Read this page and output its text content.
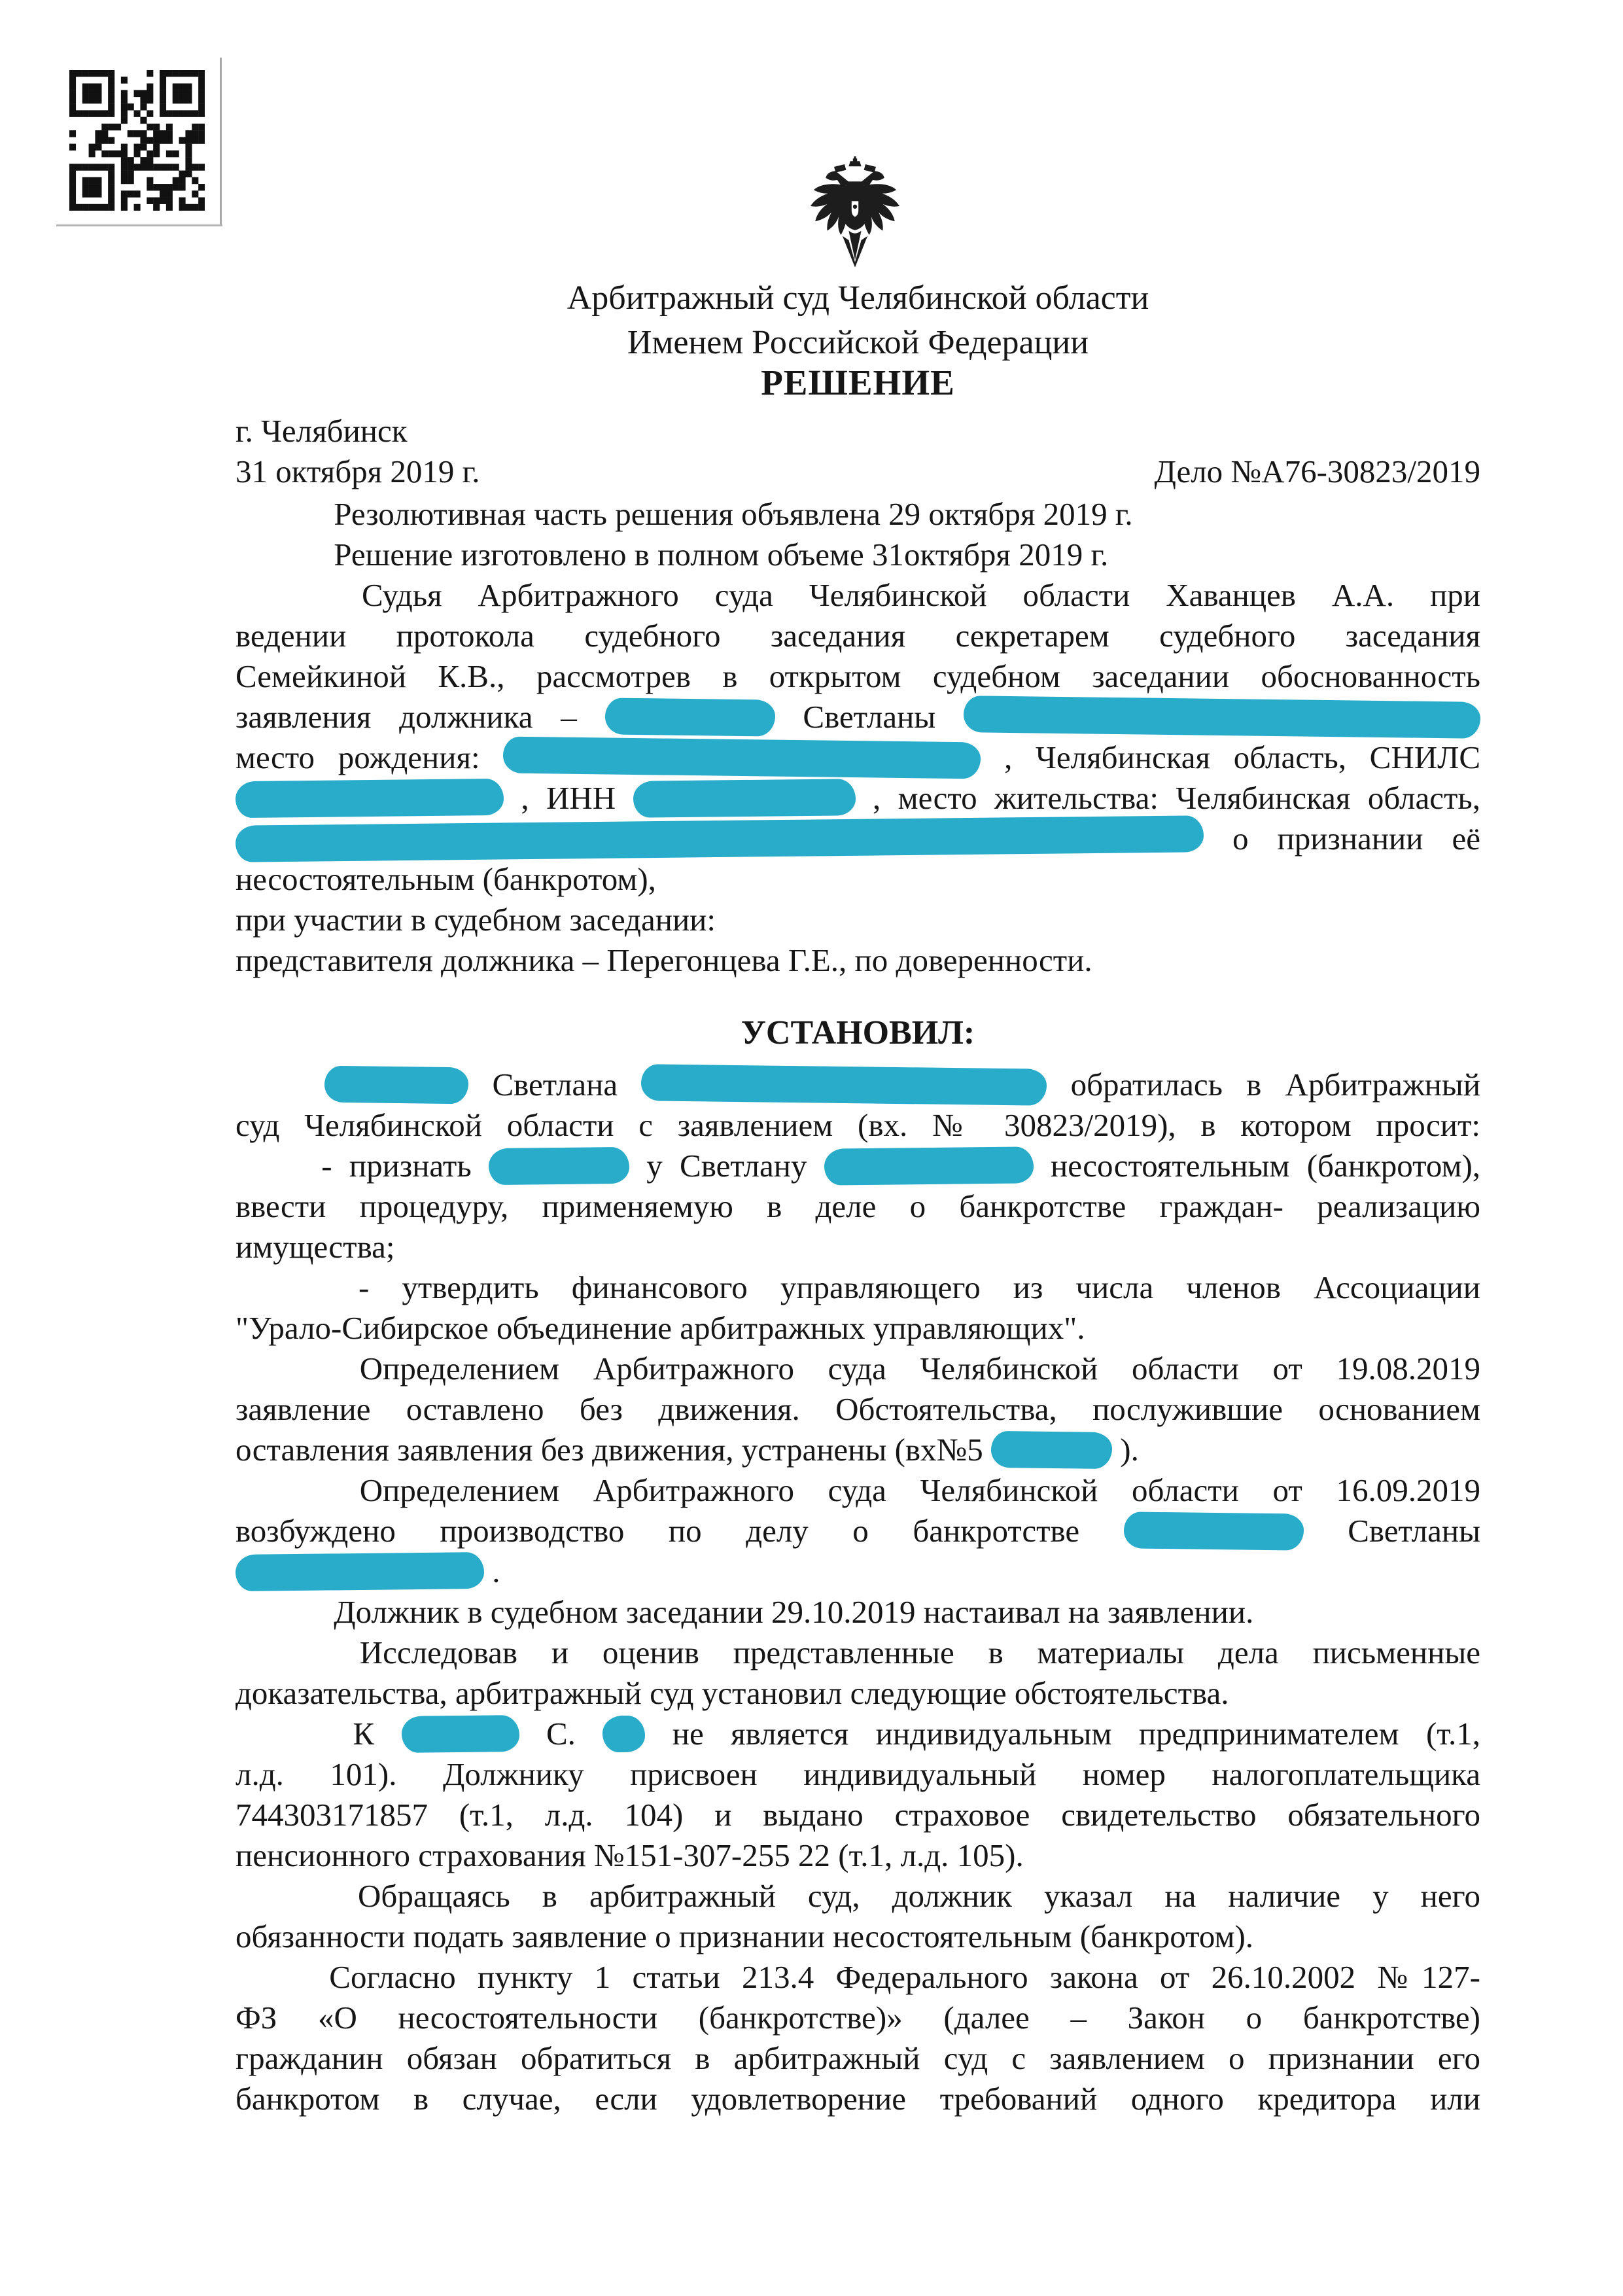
Арбитражный суд Челябинской области
Именем Российской Федерации
РЕШЕНИЕ
г. Челябинск
31 октября 2019 г.	Дело №А76-30823/2019
УСТАНОВИЛ:
Резолютивная часть решения объявлена 29 октября 2019 г.
Решение изготовлено в полном объеме 31октября 2019 г.
Судья Арбитражного суда Челябинской области Хаванцев А.А. при
ведении протокола судебного заседания секретарем судебного заседания
Семейкиной К.В., рассмотрев в открытом судебном заседании обоснованность
заявления должника –	Светланы
место рождения:	, Челябинская область, СНИЛС
, ИНН	, место жительства: Челябинская область,
о признании её
несостоятельным (банкротом),
при участии в судебном заседании:
представителя должника – Перегонцева Г.Е., по доверенности.
Светлана	обратилась в Арбитражный
суд Челябинской области с заявлением (вх. № 30823/2019), в котором просит:
- признать	у Светлану	несостоятельным (банкротом),
ввести процедуру, применяемую в деле о банкротстве граждан- реализацию
имущества;
- утвердить финансового управляющего из числа членов Ассоциации
"Урало-Сибирское объединение арбитражных управляющих".
Определением Арбитражного суда Челябинской области от 19.08.2019
заявление оставлено без движения. Обстоятельства, послужившие основанием
оставления заявления без движения, устранены (вх№5	).
Определением Арбитражного суда Челябинской области от 16.09.2019
возбуждено производство по делу о банкротстве	Светланы
.
Должник в судебном заседании 29.10.2019 настаивал на заявлении.
Исследовав и оценив представленные в материалы дела письменные
доказательства, арбитражный суд установил следующие обстоятельства.
К	С.	не является индивидуальным предпринимателем (т.1,
л.д. 101). Должнику присвоен индивидуальный номер налогоплательщика
744303171857 (т.1, л.д. 104) и выдано страховое свидетельство обязательного
пенсионного страхования №151-307-255 22 (т.1, л.д. 105).
Обращаясь в арбитражный суд, должник указал на наличие у него
обязанности подать заявление о признании несостоятельным (банкротом).
Согласно пункту 1 статьи 213.4 Федерального закона от 26.10.2002 №127-
ФЗ «О несостоятельности (банкротстве)» (далее – Закон о банкротстве)
гражданин обязан обратиться в арбитражный суд с заявлением о признании его
банкротом в случае, если удовлетворение требований одного кредитора или
